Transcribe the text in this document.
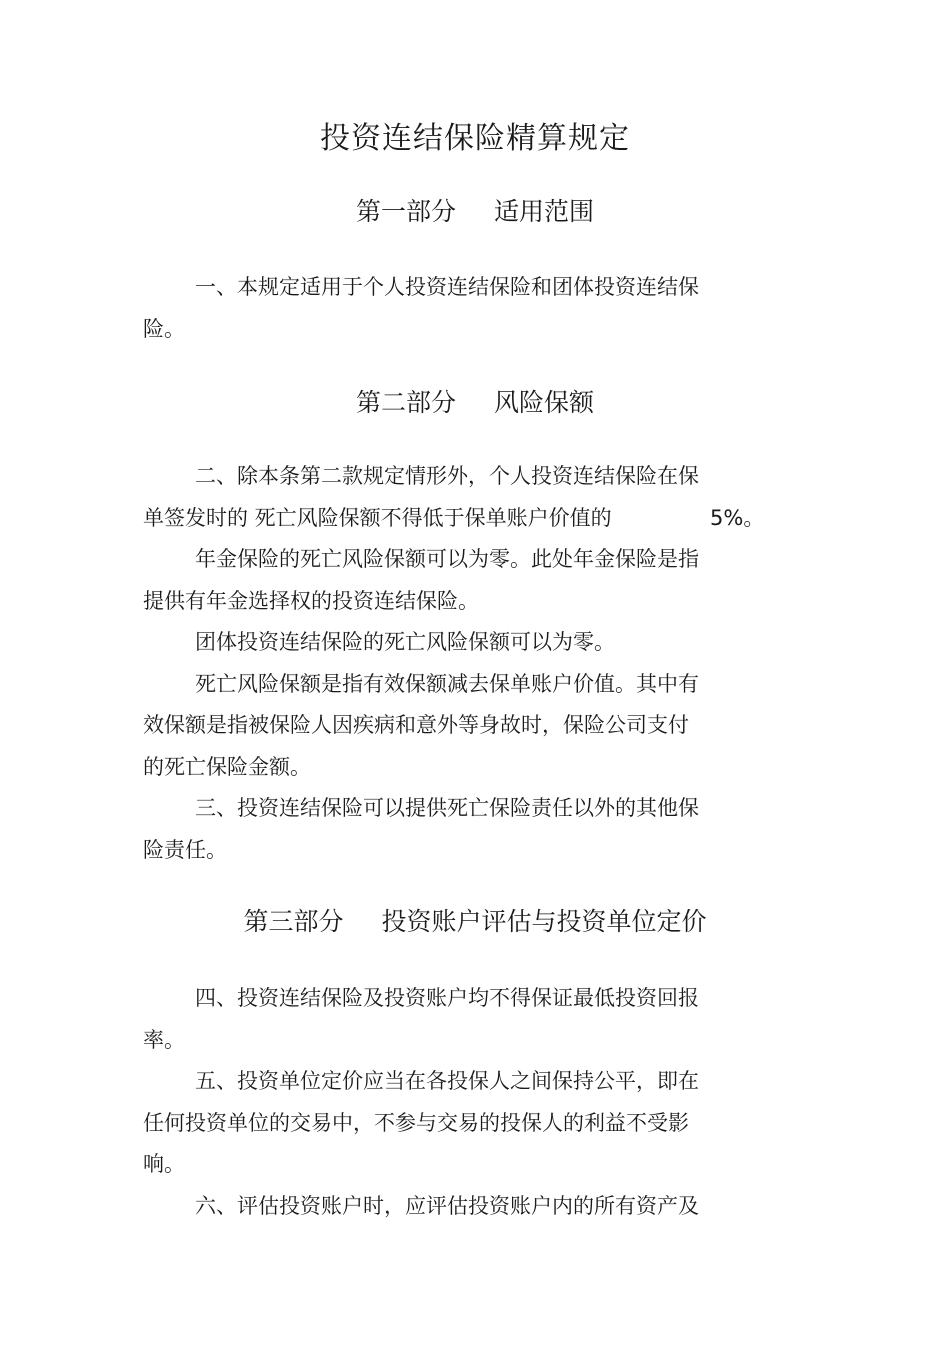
投资连结保险精算规定
第一部分 适用范围
一、本规定适用于个人投资连结保险和团体投资连结保
险。
第二部分 风险保额
二、除本条第二款规定情形外，个人投资连结保险在保
单签发时的 死亡风险保额不得低于保单账户价值的	5%。
年金保险的死亡风险保额可以为零。此处年金保险是指
提供有年金选择权的投资连结保险。
团体投资连结保险的死亡风险保额可以为零。
死亡风险保额是指有效保额减去保单账户价值。其中有
效保额是指被保险人因疾病和意外等身故时，保险公司支付
的死亡保险金额。
三、投资连结保险可以提供死亡保险责任以外的其他保
险责任。
第三部分 投资账户评估与投资单位定价
四、投资连结保险及投资账户均不得保证最低投资回报
率。
五、投资单位定价应当在各投保人之间保持公平，即在
任何投资单位的交易中，不参与交易的投保人的利益不受影
响。
六、评估投资账户时，应评估投资账户内的所有资产及
